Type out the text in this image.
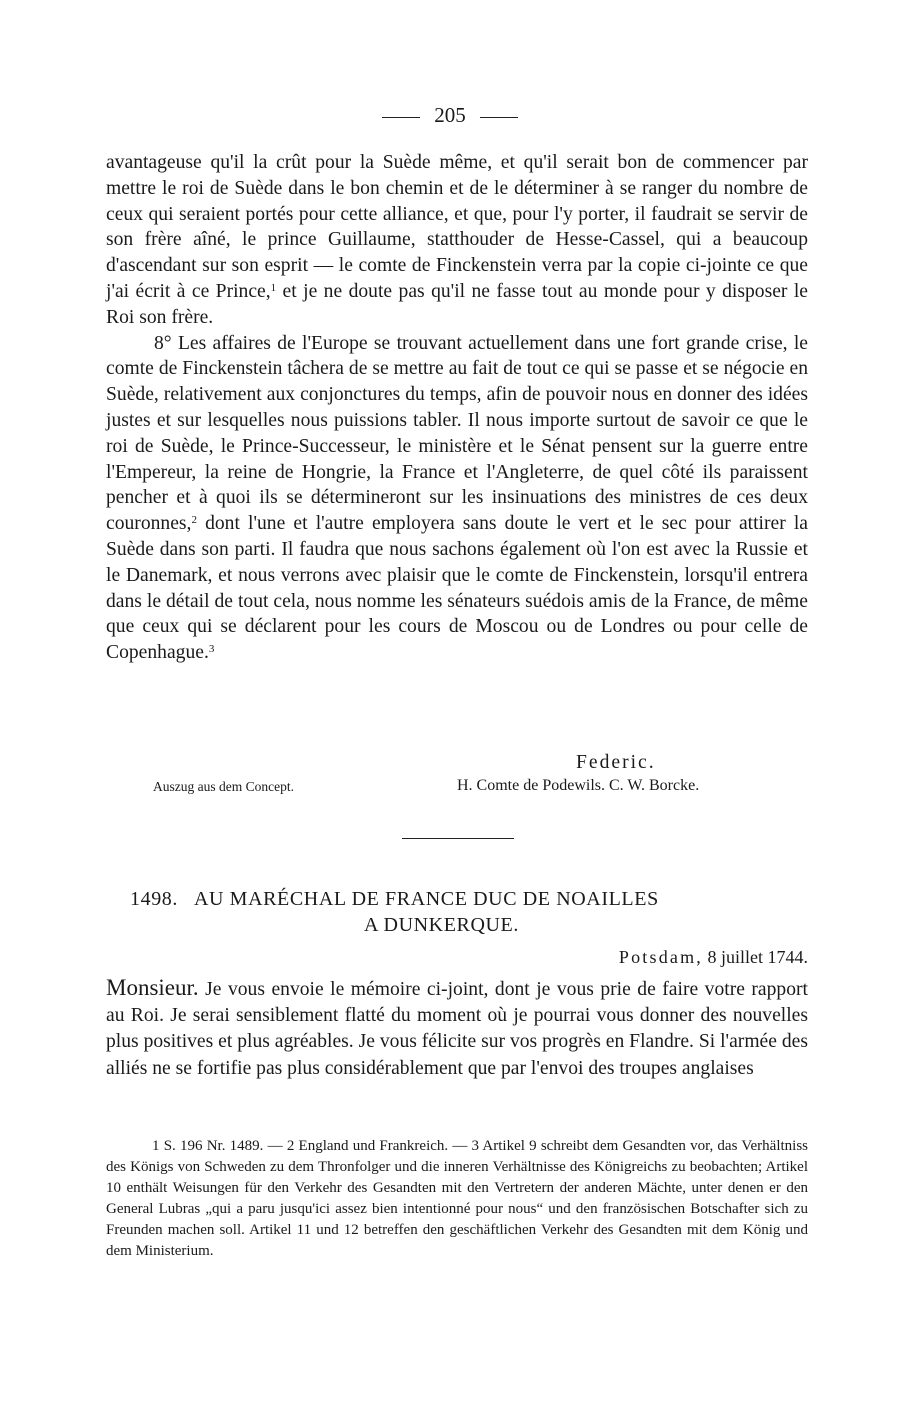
205

avantageuse qu'il la crût pour la Suède même, et qu'il serait bon de commencer par mettre le roi de Suède dans le bon chemin et de le déterminer à se ranger du nombre de ceux qui seraient portés pour cette alliance, et que, pour l'y porter, il faudrait se servir de son frère aîné, le prince Guillaume, statthouder de Hesse-Cassel, qui a beaucoup d'ascendant sur son esprit — le comte de Finckenstein verra par la copie ci-jointe ce que j'ai écrit à ce Prince,$^1$ et je ne doute pas qu'il ne fasse tout au monde pour y disposer le Roi son frère.

8° Les affaires de l'Europe se trouvant actuellement dans une fort grande crise, le comte de Finckenstein tâchera de se mettre au fait de tout ce qui se passe et se négocie en Suède, relativement aux conjonctures du temps, afin de pouvoir nous en donner des idées justes et sur lesquelles nous puissions tabler. Il nous importe surtout de savoir ce que le roi de Suède, le Prince-Successeur, le ministère et le Sénat pensent sur la guerre entre l'Empereur, la reine de Hongrie, la France et l'Angleterre, de quel côté ils paraissent pencher et à quoi ils se détermineront sur les insinuations des ministres de ces deux couronnes,$^2$ dont l'une et l'autre employera sans doute le vert et le sec pour attirer la Suède dans son parti. Il faudra que nous sachons également où l'on est avec la Russie et le Danemark, et nous verrons avec plaisir que le comte de Finckenstein, lorsqu'il entrera dans le détail de tout cela, nous nomme les sénateurs suédois amis de la France, de même que ceux qui se déclarent pour les cours de Moscou ou de Londres ou pour celle de Copenhague.$^3$

Federic.
Auszug aus dem Concept.	H. Comte de Podewils. C. W. Borcke.
1498. AU MARÉCHAL DE FRANCE DUC DE NOAILLES
A DUNKERQUE.
Potsdam, 8 juillet 1744.

Monsieur. Je vous envoie le mémoire ci-joint, dont je vous prie de faire votre rapport au Roi. Je serai sensiblement flatté du moment où je pourrai vous donner des nouvelles plus positives et plus agréables. Je vous félicite sur vos progrès en Flandre. Si l'armée des alliés ne se fortifie pas plus considérablement que par l'envoi des troupes anglaises

1 S. 196 Nr. 1489. — 2 England und Frankreich. — 3 Artikel 9 schreibt dem Gesandten vor, das Verhältniss des Königs von Schweden zu dem Thronfolger und die inneren Verhältnisse des Königreichs zu beobachten; Artikel 10 enthält Weisungen für den Verkehr des Gesandten mit den Vertretern der anderen Mächte, unter denen er den General Lubras „qui a paru jusqu'ici assez bien intentionné pour nous“ und den französischen Botschafter sich zu Freunden machen soll. Artikel 11 und 12 betreffen den geschäftlichen Verkehr des Gesandten mit dem König und dem Ministerium.
